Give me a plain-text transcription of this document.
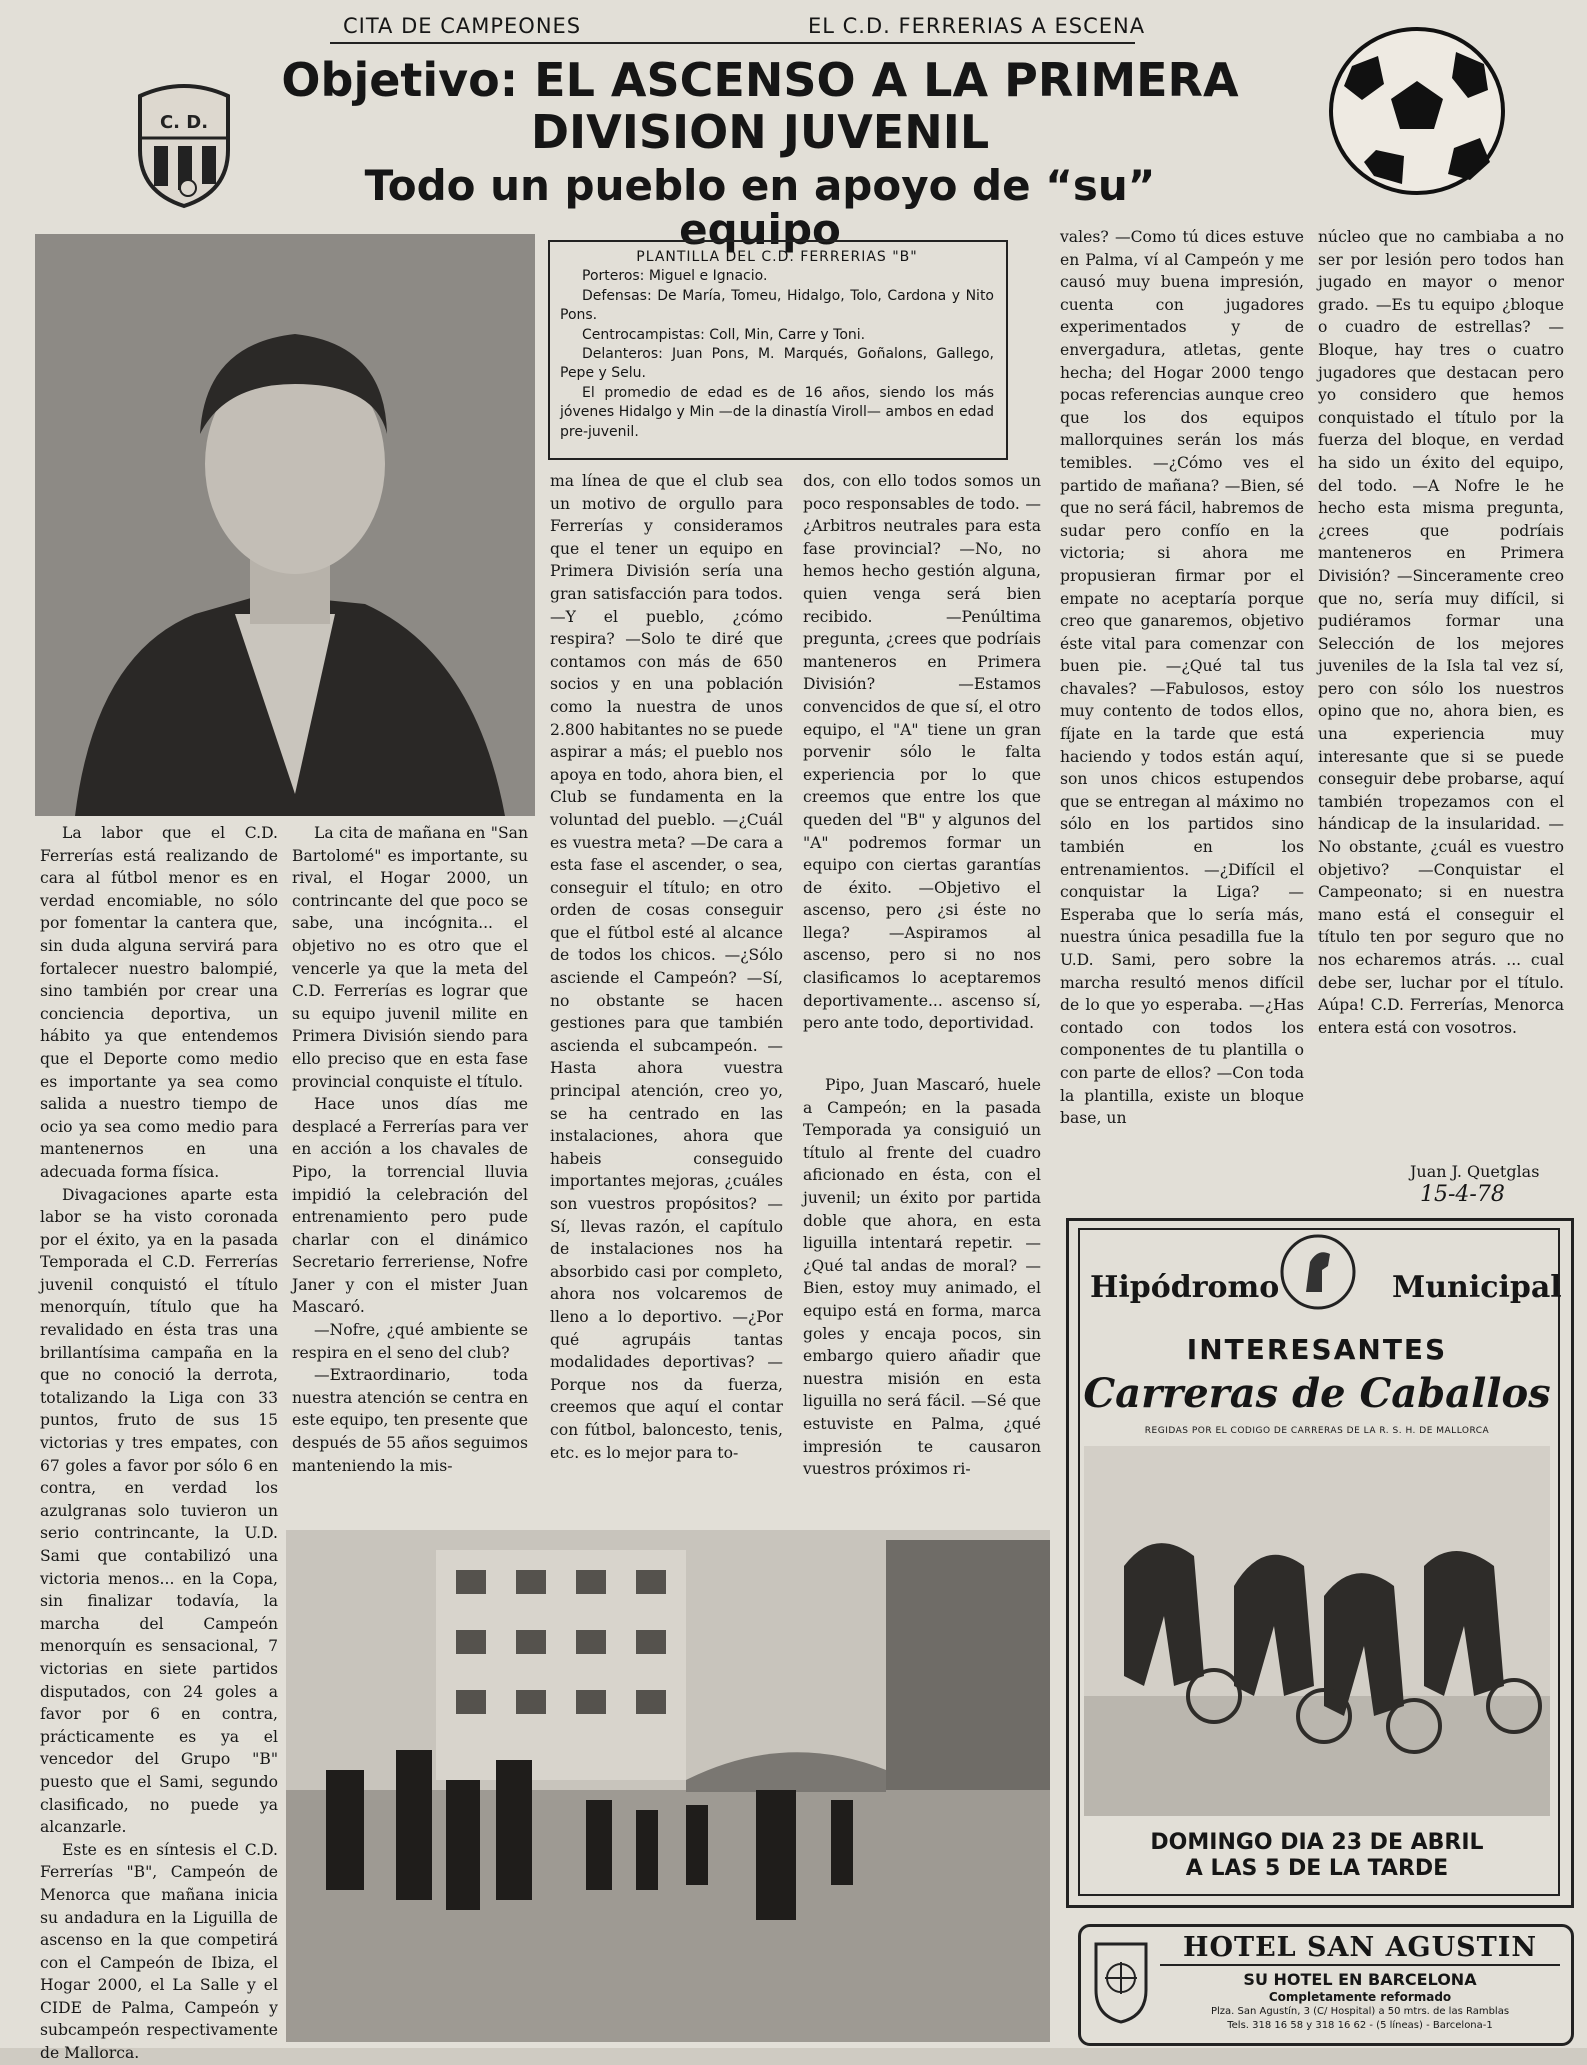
CITA DE CAMPEONES	EL C.D. FERRERIAS A ESCENA
C. D.
Objetivo: EL ASCENSO A LA PRIMERA
DIVISION JUVENIL
Todo un pueblo en apoyo de “su” equipo
PLANTILLA DEL C.D. FERRERIAS "B"
Porteros: Miguel e Ignacio.
Defensas: De María, Tomeu, Hidalgo, Tolo, Cardona y Nito Pons.
Centrocampistas: Coll, Min, Carre y Toni.
Delanteros: Juan Pons, M. Marqués, Goñalons, Gallego, Pepe y Selu.
El promedio de edad es de 16 años, siendo los más jóvenes Hidalgo y Min —de la dinastía Viroll— ambos en edad pre-juvenil.

La labor que el C.D. Ferrerías está realizando de cara al fútbol menor es en verdad encomiable, no sólo por fomentar la cantera que, sin duda alguna servirá para fortalecer nuestro balompié, sino también por crear una conciencia deportiva, un hábito ya que entendemos que el Deporte como medio es importante ya sea como salida a nuestro tiempo de ocio ya sea como medio para mantenernos en una adecuada forma física.

Divagaciones aparte esta labor se ha visto coronada por el éxito, ya en la pasada Temporada el C.D. Ferrerías juvenil conquistó el título menorquín, título que ha revalidado en ésta tras una brillantísima campaña en la que no conoció la derrota, totalizando la Liga con 33 puntos, fruto de sus 15 victorias y tres empates, con 67 goles a favor por sólo 6 en contra, en verdad los azulgranas solo tuvieron un serio contrincante, la U.D. Sami que contabilizó una victoria menos... en la Copa, sin finalizar todavía, la marcha del Campeón menorquín es sensacional, 7 victorias en siete partidos disputados, con 24 goles a favor por 6 en contra, prácticamente es ya el vencedor del Grupo "B" puesto que el Sami, segundo clasificado, no puede ya alcanzarle.

Este es en síntesis el C.D. Ferrerías "B", Campeón de Menorca que mañana inicia su andadura en la Liguilla de ascenso en la que competirá con el Campeón de Ibiza, el Hogar 2000, el La Salle y el CIDE de Palma, Campeón y subcampeón respectivamente de Mallorca.

La cita de mañana en "San Bartolomé" es importante, su rival, el Hogar 2000, un contrincante del que poco se sabe, una incógnita... el objetivo no es otro que el vencerle ya que la meta del C.D. Ferrerías es lograr que su equipo juvenil milite en Primera División siendo para ello preciso que en esta fase provincial conquiste el título.

Hace unos días me desplacé a Ferrerías para ver en acción a los chavales de Pipo, la torrencial lluvia impidió la celebración del entrenamiento pero pude charlar con el dinámico Secretario ferreriense, Nofre Janer y con el mister Juan Mascaró.

—Nofre, ¿qué ambiente se respira en el seno del club?

—Extraordinario, toda nuestra atención se centra en este equipo, ten presente que después de 55 años seguimos manteniendo la mis-

ma línea de que el club sea un motivo de orgullo para Ferrerías y consideramos que el tener un equipo en Primera División sería una gran satisfacción para todos. —Y el pueblo, ¿cómo respira? —Solo te diré que contamos con más de 650 socios y en una población como la nuestra de unos 2.800 habitantes no se puede aspirar a más; el pueblo nos apoya en todo, ahora bien, el Club se fundamenta en la voluntad del pueblo. —¿Cuál es vuestra meta? —De cara a esta fase el ascender, o sea, conseguir el título; en otro orden de cosas conseguir que el fútbol esté al alcance de todos los chicos. —¿Sólo asciende el Campeón? —Sí, no obstante se hacen gestiones para que también ascienda el subcampeón. —Hasta ahora vuestra principal atención, creo yo, se ha centrado en las instalaciones, ahora que habeis conseguido importantes mejoras, ¿cuáles son vuestros propósitos? —Sí, llevas razón, el capítulo de instalaciones nos ha absorbido casi por completo, ahora nos volcaremos de lleno a lo deportivo. —¿Por qué agrupáis tantas modalidades deportivas? —Porque nos da fuerza, creemos que aquí el contar con fútbol, baloncesto, tenis, etc. es lo mejor para to-

dos, con ello todos somos un poco responsables de todo. —¿Arbitros neutrales para esta fase provincial? —No, no hemos hecho gestión alguna, quien venga será bien recibido. —Penúltima pregunta, ¿crees que podríais manteneros en Primera División? —Estamos convencidos de que sí, el otro equipo, el "A" tiene un gran porvenir sólo le falta experiencia por lo que creemos que entre los que queden del "B" y algunos del "A" podremos formar un equipo con ciertas garantías de éxito. —Objetivo el ascenso, pero ¿si éste no llega? —Aspiramos al ascenso, pero si no nos clasificamos lo aceptaremos deportivamente... ascenso sí, pero ante todo, deportividad.

Pipo, Juan Mascaró, huele a Campeón; en la pasada Temporada ya consiguió un título al frente del cuadro aficionado en ésta, con el juvenil; un éxito por partida doble que ahora, en esta liguilla intentará repetir. —¿Qué tal andas de moral? —Bien, estoy muy animado, el equipo está en forma, marca goles y encaja pocos, sin embargo quiero añadir que nuestra misión en esta liguilla no será fácil. —Sé que estuviste en Palma, ¿qué impresión te causaron vuestros próximos ri-

vales? —Como tú dices estuve en Palma, ví al Campeón y me causó muy buena impresión, cuenta con jugadores experimentados y de envergadura, atletas, gente hecha; del Hogar 2000 tengo pocas referencias aunque creo que los dos equipos mallorquines serán los más temibles. —¿Cómo ves el partido de mañana? —Bien, sé que no será fácil, habremos de sudar pero confío en la victoria; si ahora me propusieran firmar por el empate no aceptaría porque creo que ganaremos, objetivo éste vital para comenzar con buen pie. —¿Qué tal tus chavales? —Fabulosos, estoy muy contento de todos ellos, fíjate en la tarde que está haciendo y todos están aquí, son unos chicos estupendos que se entregan al máximo no sólo en los partidos sino también en los entrenamientos. —¿Difícil el conquistar la Liga? —Esperaba que lo sería más, nuestra única pesadilla fue la U.D. Sami, pero sobre la marcha resultó menos difícil de lo que yo esperaba. —¿Has contado con todos los componentes de tu plantilla o con parte de ellos? —Con toda la plantilla, existe un bloque base, un

núcleo que no cambiaba a no ser por lesión pero todos han jugado en mayor o menor grado. —Es tu equipo ¿bloque o cuadro de estrellas? —Bloque, hay tres o cuatro jugadores que destacan pero yo considero que hemos conquistado el título por la fuerza del bloque, en verdad ha sido un éxito del equipo, del todo. —A Nofre le he hecho esta misma pregunta, ¿crees que podríais manteneros en Primera División? —Sinceramente creo que no, sería muy difícil, si pudiéramos formar una Selección de los mejores juveniles de la Isla tal vez sí, pero con sólo los nuestros opino que no, ahora bien, es una experiencia muy interesante que si se puede conseguir debe probarse, aquí también tropezamos con el hándicap de la insularidad. —No obstante, ¿cuál es vuestro objetivo? —Conquistar el Campeonato; si en nuestra mano está el conseguir el título ten por seguro que no nos echaremos atrás. ... cual debe ser, luchar por el título. Aúpa! C.D. Ferrerías, Menorca entera está con vosotros.

Juan J. Quetglas
15-4-78
Hipódromo	Municipal
INTERESANTES
Carreras de Caballos
REGIDAS POR EL CODIGO DE CARRERAS DE LA R. S. H. DE MALLORCA
DOMINGO DIA 23 DE ABRIL
A LAS 5 DE LA TARDE
HOTEL SAN AGUSTIN
SU HOTEL EN BARCELONA
Completamente reformado
Plza. San Agustín, 3 (C/ Hospital) a 50 mtrs. de las Ramblas
Tels. 318 16 58 y 318 16 62 - (5 líneas) - Barcelona-1
